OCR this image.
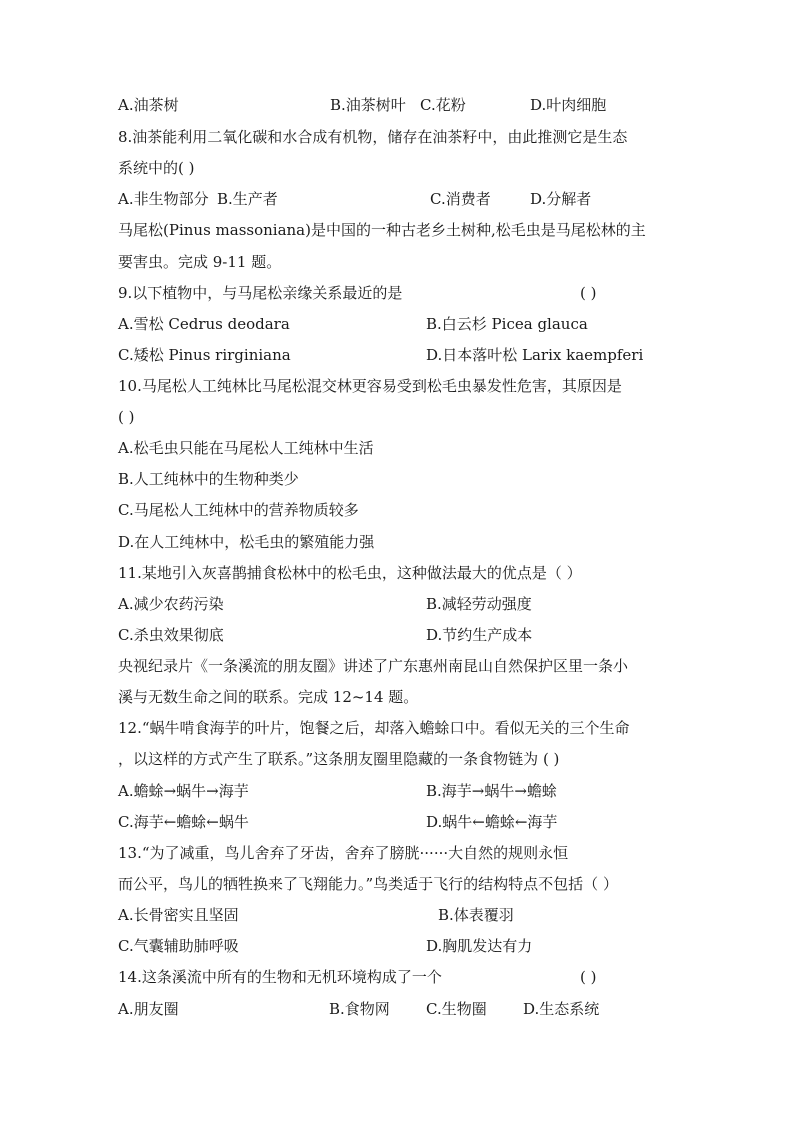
A.油茶树	B.油茶树叶 C.花粉	D.叶肉细胞
8.油茶能利用二氧化碳和水合成有机物，储存在油茶籽中，由此推测它是生态
系统中的( )
A.非生物部分 B.生产者	C.消费者	D.分解者
马尾松(Pinus massoniana)是中国的一种古老乡土树种,松毛虫是马尾松林的主
要害虫。完成 9-11 题。
9.以下植物中，与马尾松亲缘关系最近的是	( )
A.雪松 Cedrus deodara	B.白云杉 Picea glauca
C.矮松 Pinus rirginiana	D.日本落叶松 Larix kaempferi
10.马尾松人工纯林比马尾松混交林更容易受到松毛虫暴发性危害，其原因是
( )
A.松毛虫只能在马尾松人工纯林中生活
B.人工纯林中的生物种类少
C.马尾松人工纯林中的营养物质较多
D.在人工纯林中，松毛虫的繁殖能力强
11.某地引入灰喜鹊捕食松林中的松毛虫，这种做法最大的优点是（ ）
A.减少农药污染	B.减轻劳动强度
C.杀虫效果彻底	D.节约生产成本
央视纪录片《一条溪流的朋友圈》讲述了广东惠州南昆山自然保护区里一条小
溪与无数生命之间的联系。完成 12~14 题。
12.“蜗牛啃食海芋的叶片，饱餐之后，却落入蟾蜍口中。看似无关的三个生命
，以这样的方式产生了联系。”这条朋友圈里隐藏的一条食物链为 ( )
A.蟾蜍→蜗牛→海芋	B.海芋→蜗牛→蟾蜍
C.海芋←蟾蜍←蜗牛	D.蜗牛←蟾蜍←海芋
13.“为了减重，鸟儿舍弃了牙齿，舍弃了膀胱······大自然的规则永恒
而公平，鸟儿的牺牲换来了飞翔能力。”鸟类适于飞行的结构特点不包括（ ）
A.长骨密实且坚固	B.体表覆羽
C.气囊辅助肺呼吸	D.胸肌发达有力
14.这条溪流中所有的生物和无机环境构成了一个	( )
A.朋友圈	B.食物网 C.生物圈 D.生态系统
